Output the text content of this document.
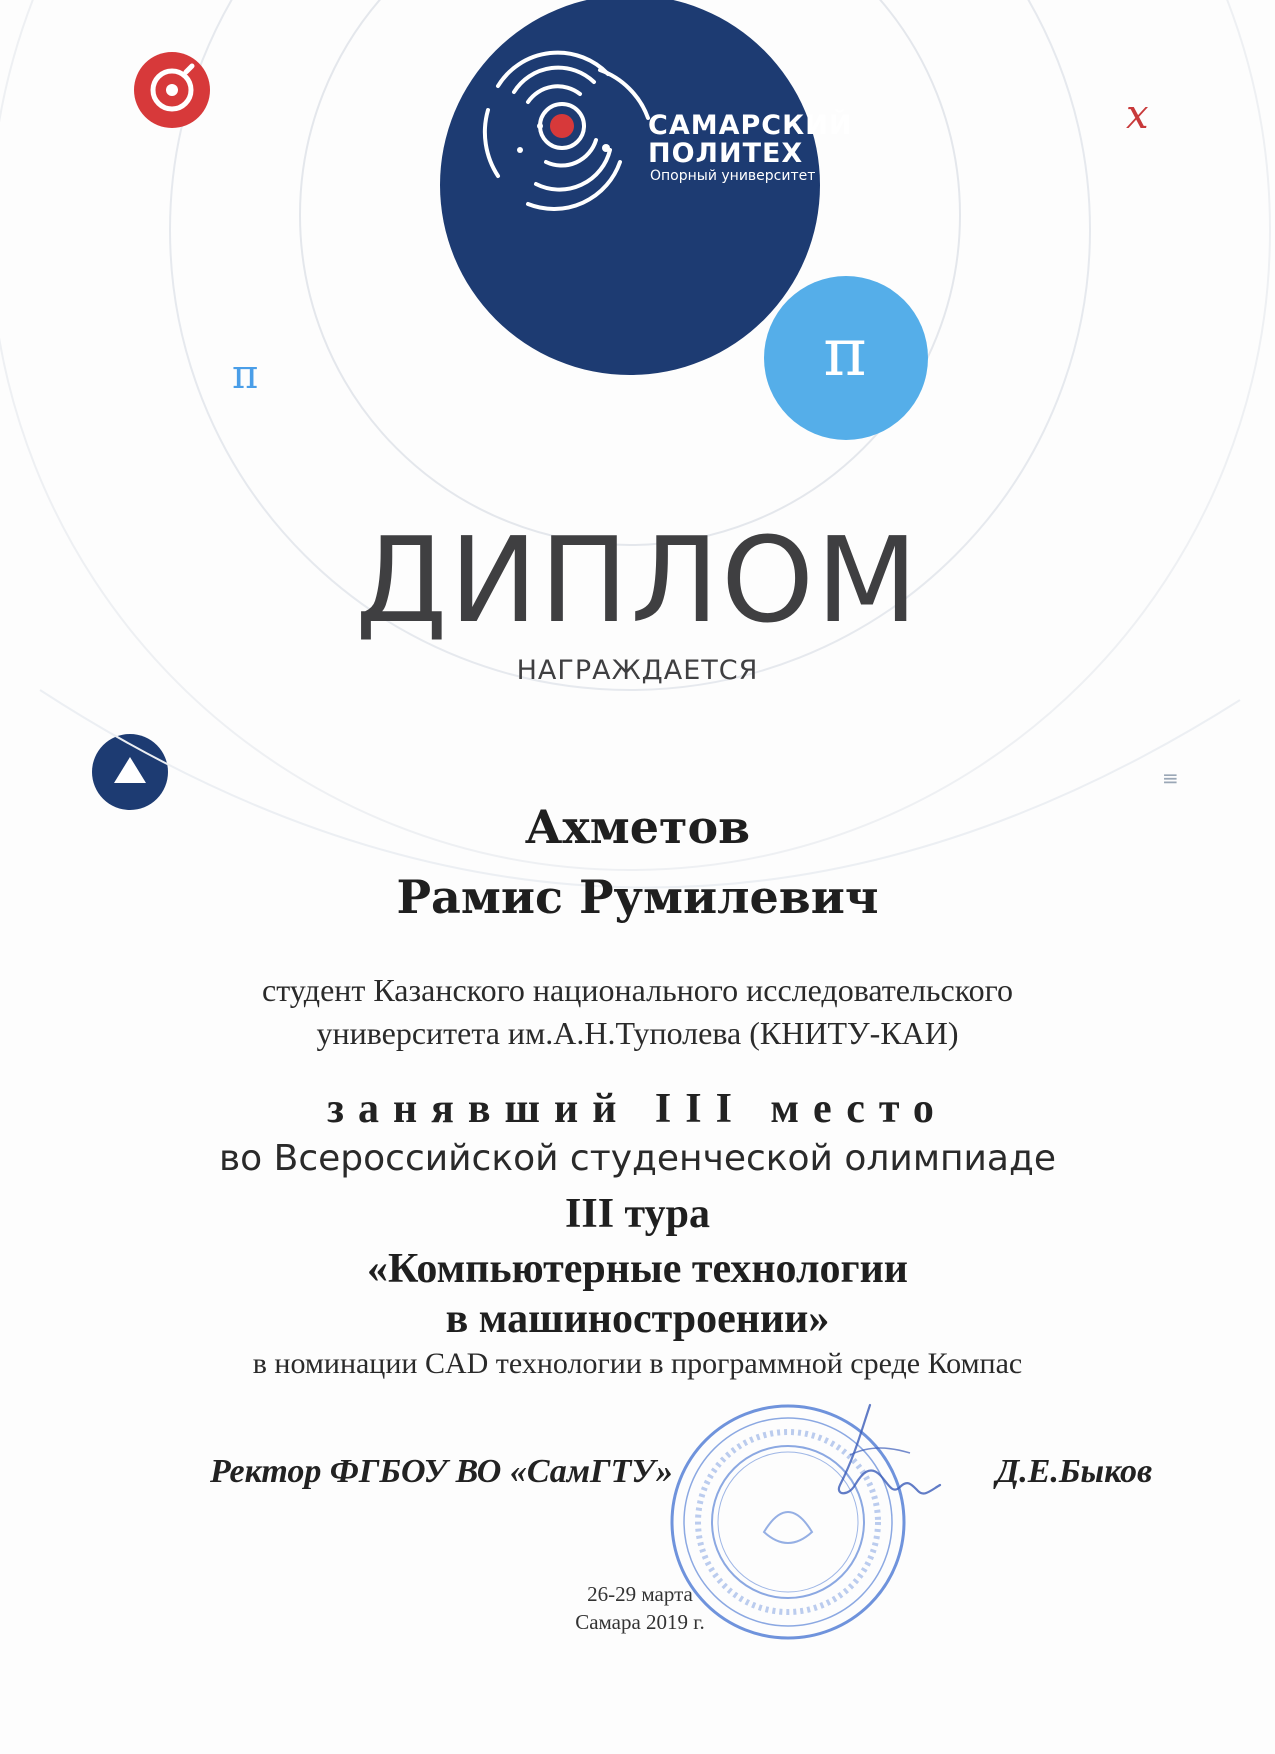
САМАРСКИЙ
ПОЛИТЕХ
Опорный университет
π
π
x
≡
ДИПЛОМ
НАГРАЖДАЕТСЯ
Ахметов
Рамис Румилевич
студент Казанского национального исследовательского
университета им.А.Н.Туполева (КНИТУ-КАИ)
занявший III место
во Всероссийской студенческой олимпиаде
III тура
«Компьютерные технологии
в машиностроении»
в номинации CAD технологии в программной среде Компас
Ректор ФГБОУ ВО «СамГТУ»	Д.Е.Быков
26-29 марта
Самара 2019 г.
